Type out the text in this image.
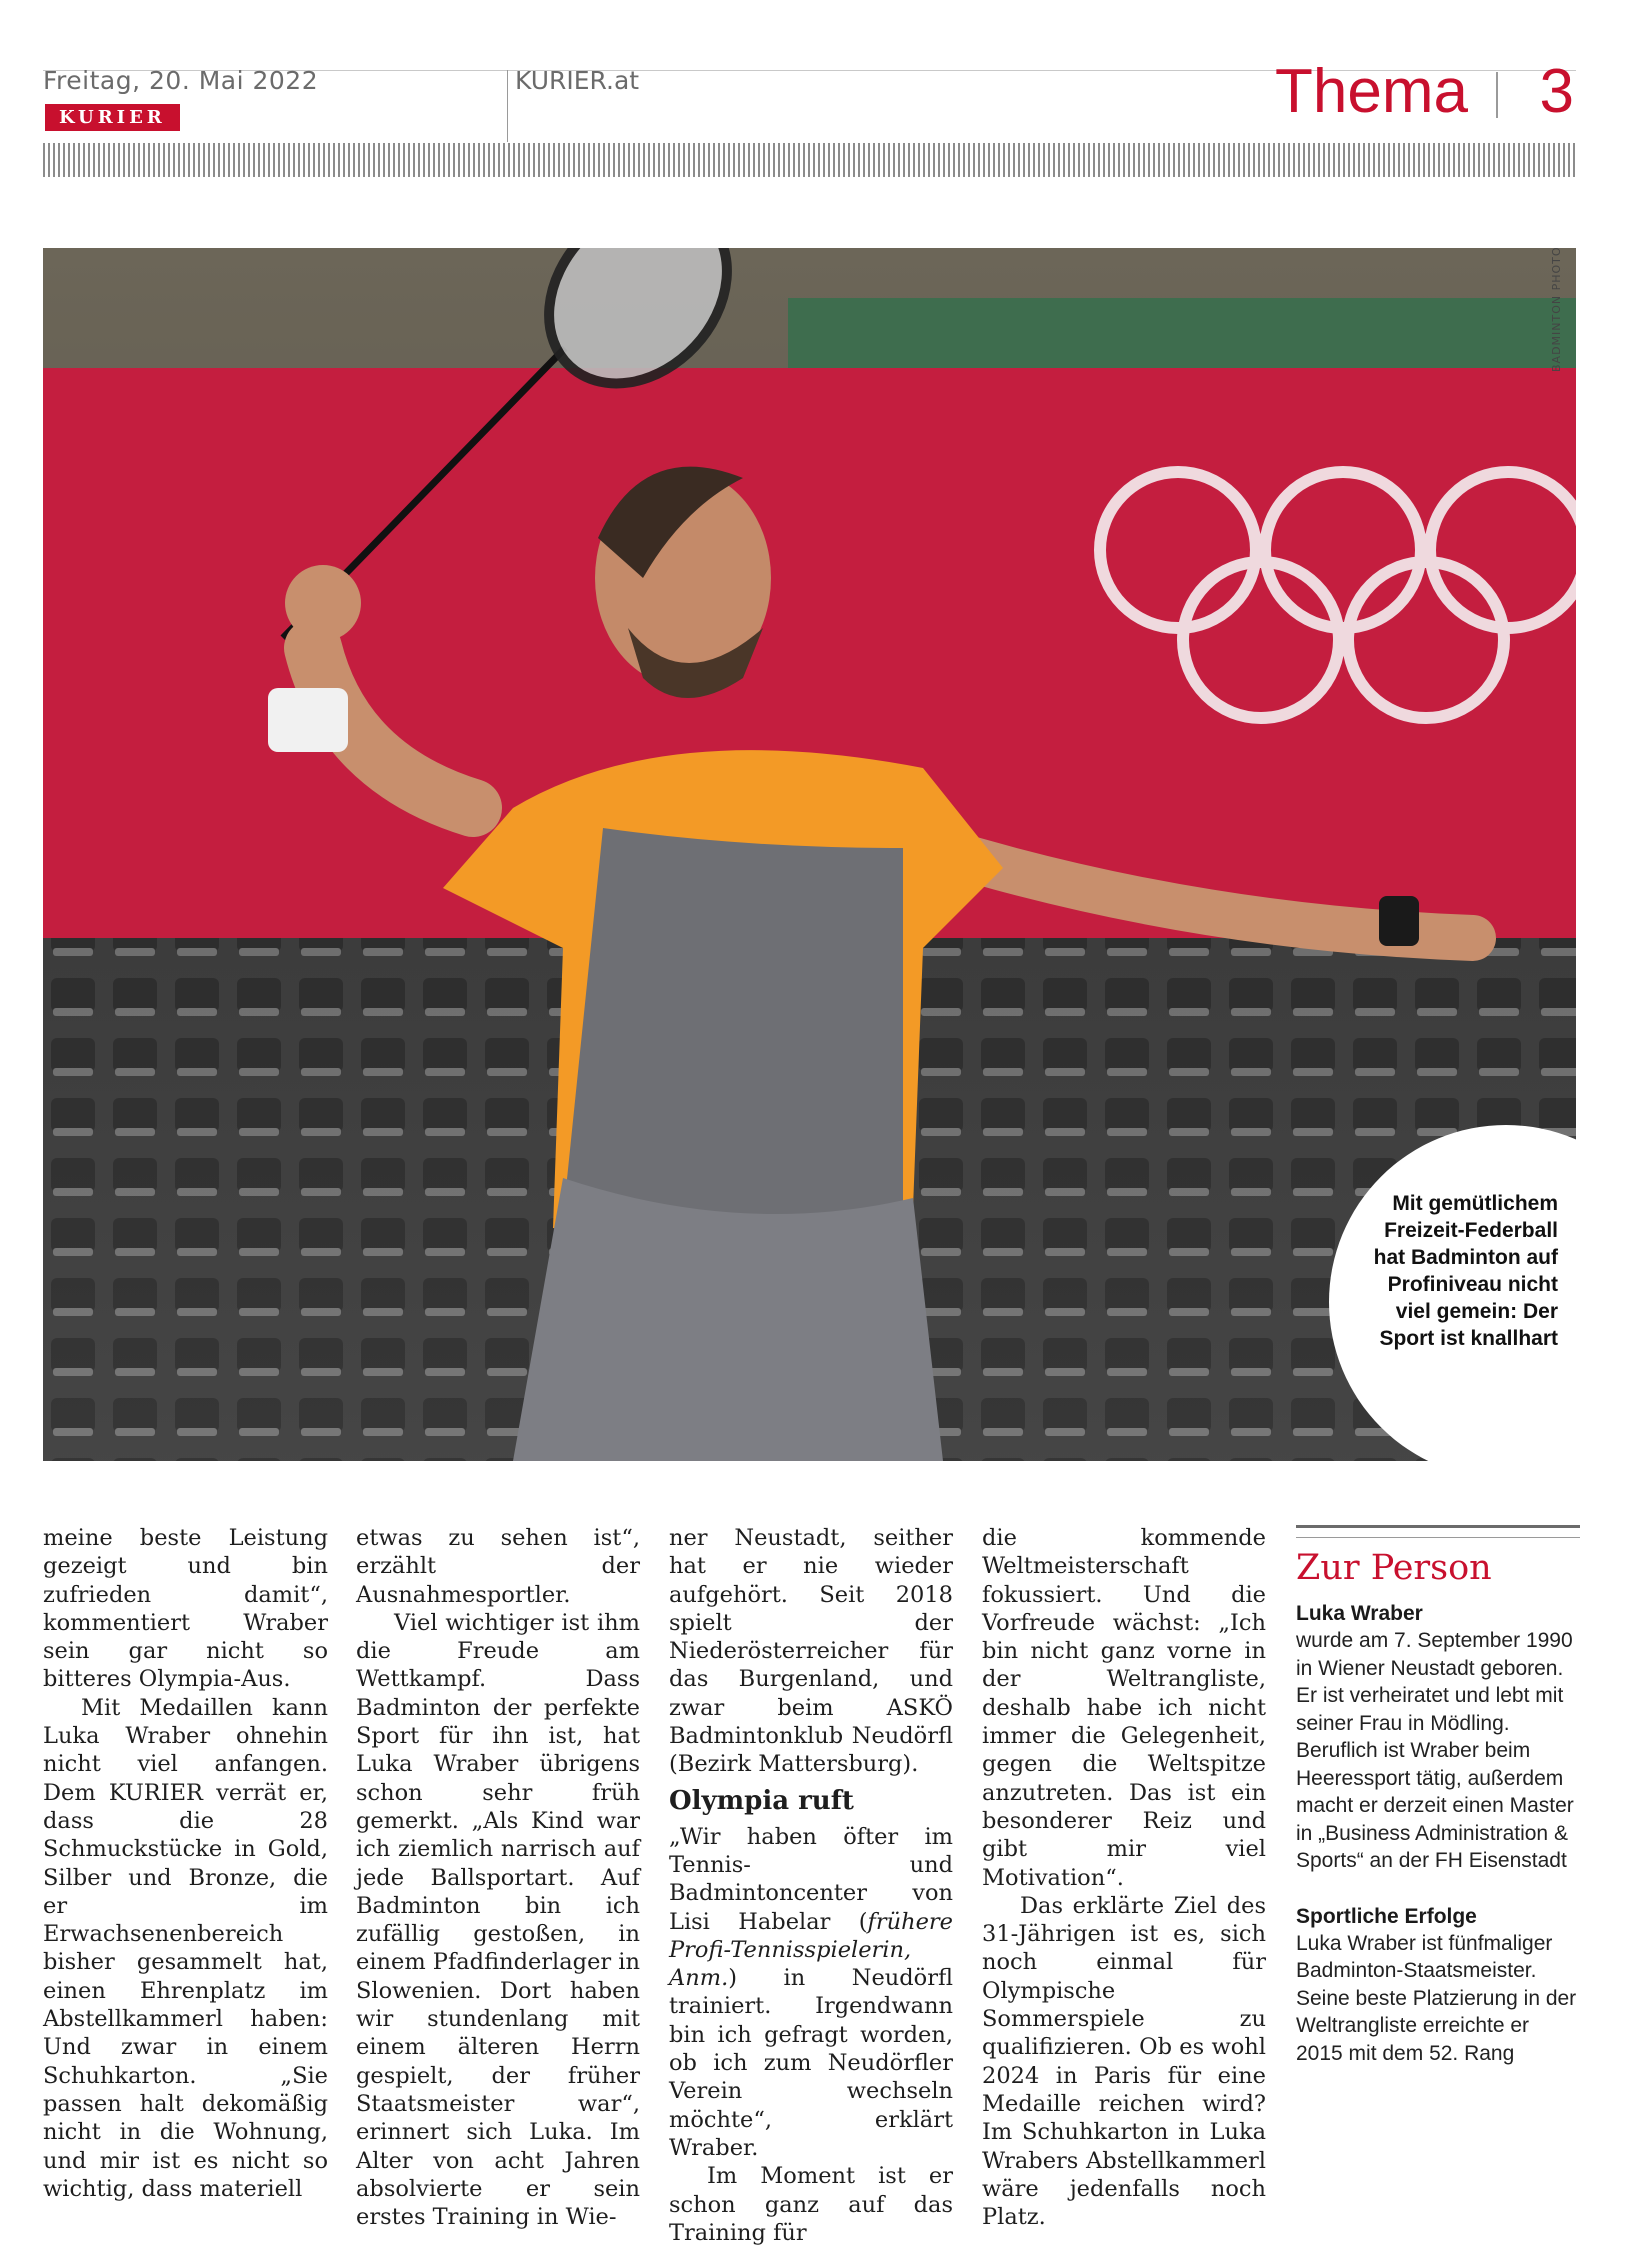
Freitag, 20. Mai 2022
KURIER
KURIER.at	Thema 3
BADMINTON PHOTO
Mit gemütlichem Freizeit-Federball hat Badminton auf Profiniveau nicht viel gemein: Der Sport ist knallhart

meine beste Leistung gezeigt und bin zufrieden damit“, kommentiert Wraber sein gar nicht so bitteres Olympia-Aus.

Mit Medaillen kann Luka Wraber ohnehin nicht viel anfangen. Dem KURIER verrät er, dass die 28 Schmuckstücke in Gold, Silber und Bronze, die er im Erwachsenenbereich bisher gesammelt hat, einen Ehrenplatz im Abstellkammerl haben: Und zwar in einem Schuhkarton. „Sie passen halt dekomäßig nicht in die Wohnung, und mir ist es nicht so wichtig, dass materiell

etwas zu sehen ist“, erzählt der Ausnahmesportler.

Viel wichtiger ist ihm die Freude am Wettkampf. Dass Badminton der perfekte Sport für ihn ist, hat Luka Wraber übrigens schon sehr früh gemerkt. „Als Kind war ich ziemlich narrisch auf jede Ballsportart. Auf Badminton bin ich zufällig gestoßen, in einem Pfadfinderlager in Slowenien. Dort haben wir stundenlang mit einem älteren Herrn gespielt, der früher Staatsmeister war“, erinnert sich Luka. Im Alter von acht Jahren absolvierte er sein erstes Training in Wie-

ner Neustadt, seither hat er nie wieder aufgehört. Seit 2018 spielt der Niederösterreicher für das Burgenland, und zwar beim ASKÖ Badmintonklub Neudörfl (Bezirk Mattersburg).

Olympia ruft

„Wir haben öfter im Tennis- und Badmintoncenter von Lisi Habelar (frühere Profi-Tennisspielerin, Anm.) in Neudörfl trainiert. Irgendwann bin ich gefragt worden, ob ich zum Neudörfler Verein wechseln möchte“, erklärt Wraber.

Im Moment ist er schon ganz auf das Training für

die kommende Weltmeisterschaft fokussiert. Und die Vorfreude wächst: „Ich bin nicht ganz vorne in der Weltrangliste, deshalb habe ich nicht immer die Gelegenheit, gegen die Weltspitze anzutreten. Das ist ein besonderer Reiz und gibt mir viel Motivation“.

Das erklärte Ziel des 31-Jährigen ist es, sich noch einmal für Olympische Sommerspiele zu qualifizieren. Ob es wohl 2024 in Paris für eine Medaille reichen wird? Im Schuhkarton in Luka Wrabers Abstellkammerl wäre jedenfalls noch Platz.

Zur Person
Luka Wraber
wurde am 7. September 1990 in Wiener Neustadt geboren. Er ist verheiratet und lebt mit seiner Frau in Mödling. Beruflich ist Wraber beim Heeressport tätig, außerdem macht er derzeit einen Master in „Business Administration & Sports“ an der FH Eisenstadt
Sportliche Erfolge
Luka Wraber ist fünfmaliger Badminton-Staatsmeister. Seine beste Platzierung in der Weltrangliste erreichte er 2015 mit dem 52. Rang
